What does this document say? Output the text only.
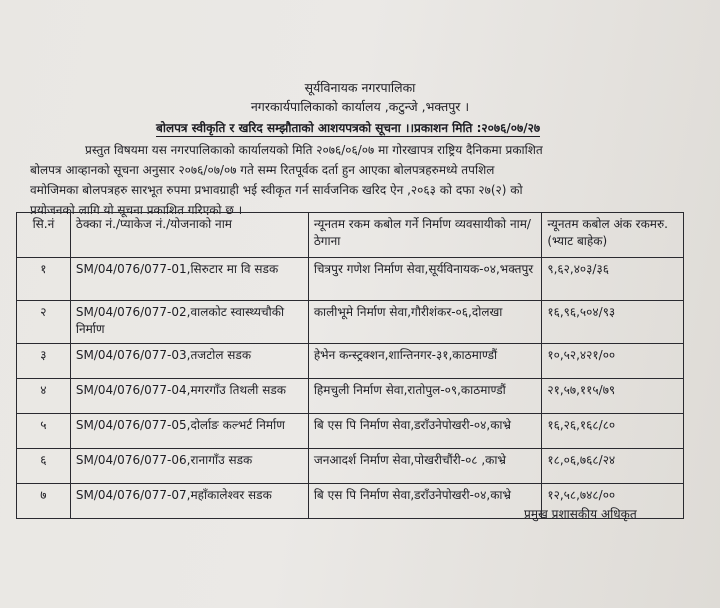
सूर्यविनायक नगरपालिका
नगरकार्यपालिकाको कार्यालय ,कटुन्जे ,भक्तपुर ।
बोलपत्र स्वीकृति र खरिद सम्झौताको आशयपत्रको सूचना ।।प्रकाशन मिति :२०७६/०७/२७
प्रस्तुत विषयमा यस नगरपालिकाको कार्यालयको मिति २०७६/०६/०७ मा गोरखापत्र राष्ट्रिय दैनिकमा प्रकाशित
बोलपत्र आव्हानको सूचना अनुसार २०७६/०७/०७ गते सम्म रितपूर्वक दर्ता हुन आएका बोलपत्रहरुमध्ये तपशिल
वमोजिमका बोलपत्रहरु सारभूत रुपमा प्रभावग्राही भई स्वीकृत गर्न सार्वजनिक खरिद ऐन ,२०६३ को दफा २७(२) को
प्रयोजनको लागि यो सूचना प्रकाशित गरिएको छ ।
सि.नं	ठेक्का नं./प्याकेज नं./योजनाको नाम	न्यूनतम रकम कबोल गर्ने निर्माण व्यवसायीको नाम/ठेगाना	न्यूनतम कबोल अंक रकमरु.(भ्याट बाहेक)
१	SM/04/076/077-01,सिरुटार मा वि सडक	चित्रपुर गणेश निर्माण सेवा,सूर्यविनायक-०४,भक्तपुर	९,६२,४०३/३६
२	SM/04/076/077-02,वालकोट स्वास्थ्यचौकी निर्माण	कालीभूमे निर्माण सेवा,गौरीशंकर-०६,दोलखा	१६,९६,५०४/९३
३	SM/04/076/077-03,तजटोल सडक	हेभेन कन्स्ट्रक्शन,शान्तिनगर-३१,काठमाण्डौं	१०,५२,४२१/००
४	SM/04/076/077-04,मगरगाँउ तिथली सडक	हिमचुली निर्माण सेवा,रातोपुल-०९,काठमाण्डौं	२१,५७,११५/७९
५	SM/04/076/077-05,दोर्लाङ कल्भर्ट निर्माण	बि एस पि निर्माण सेवा,डराँउनेपोखरी-०४,काभ्रे	१६,२६,१६८/८०
६	SM/04/076/077-06,रानागाँउ सडक	जनआदर्श निर्माण सेवा,पोखरीचौंरी-०८ ,काभ्रे	१८,०६,७६८/२४
७	SM/04/076/077-07,महाँकालेश्वर सडक	बि एस पि निर्माण सेवा,डराँउनेपोखरी-०४,काभ्रे	१२,५८,७४८/००
प्रमुख प्रशासकीय अधिकृत
